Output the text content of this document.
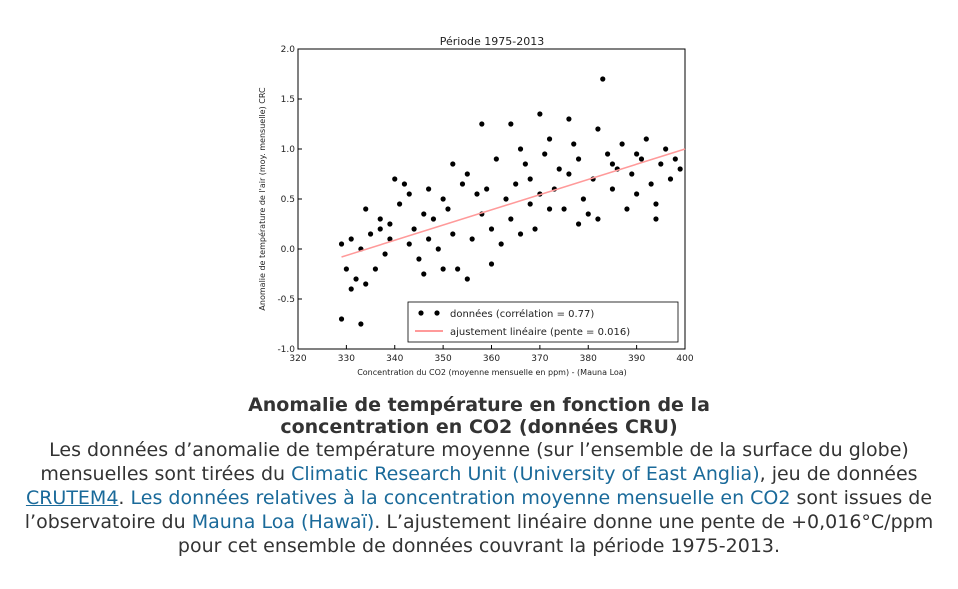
Période 1975-2013
320	330	340	350	360	370	380	390	400
-1.0
-0.5
0.0
0.5
1.0
1.5
2.0
Concentration du CO2 (moyenne mensuelle en ppm) - (Mauna Loa)
Anomalie de température de l'air (moy. mensuelle) CRC
données (corrélation = 0.77)
ajustement linéaire (pente = 0.016)
Anomalie de température en fonction de la
concentration en CO2 (données CRU)
Les données d’anomalie de température moyenne (sur l’ensemble de la surface du globe) mensuelles sont tirées du Climatic Research Unit (University of East Anglia), jeu de données CRUTEM4. Les données relatives à la concentration moyenne mensuelle en CO2 sont issues de l’observatoire du Mauna Loa (Hawaï). L’ajustement linéaire donne une pente de +0,016°C/ppm pour cet ensemble de données couvrant la période 1975-2013.
